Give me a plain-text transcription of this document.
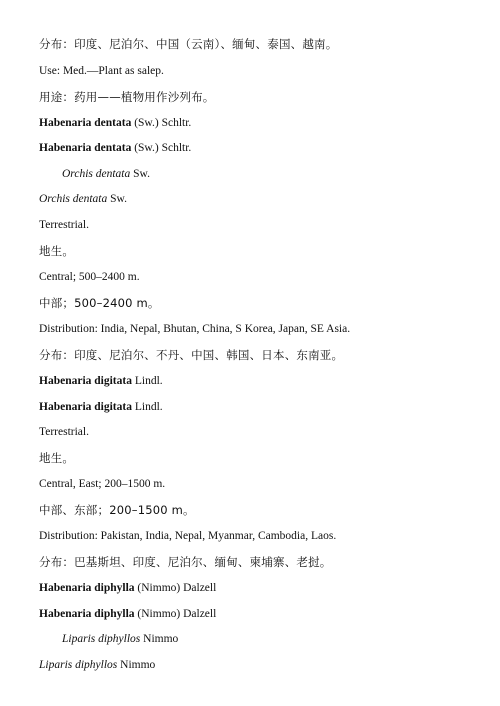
分布：印度、尼泊尔、中国（云南）、缅甸、泰国、越南。
Use: Med.—Plant as salep.
用途：药用——植物用作沙列布。
Habenaria dentata (Sw.) Schltr.
Habenaria dentata (Sw.) Schltr.
Orchis dentata Sw.
Orchis dentata Sw.
Terrestrial.
地生。
Central; 500–2400 m.
中部；500–2400 m。
Distribution: India, Nepal, Bhutan, China, S Korea, Japan, SE Asia.
分布：印度、尼泊尔、不丹、中国、韩国、日本、东南亚。
Habenaria digitata Lindl.
Habenaria digitata Lindl.
Terrestrial.
地生。
Central, East; 200–1500 m.
中部、东部；200–1500 m。
Distribution: Pakistan, India, Nepal, Myanmar, Cambodia, Laos.
分布：巴基斯坦、印度、尼泊尔、缅甸、柬埔寨、老挝。
Habenaria diphylla (Nimmo) Dalzell
Habenaria diphylla (Nimmo) Dalzell
Liparis diphyllos Nimmo
Liparis diphyllos Nimmo
